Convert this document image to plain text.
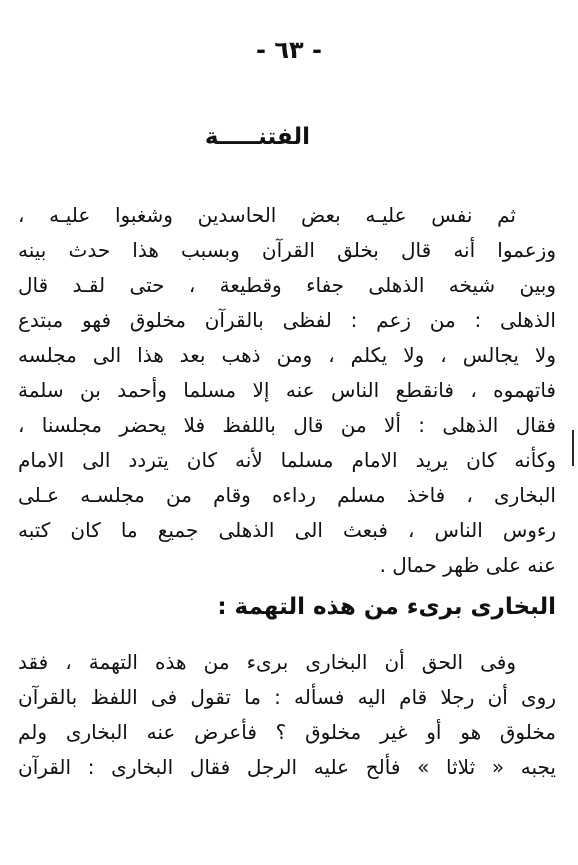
- ٦٣ -
الفتنـــــة
ثم نفس عليـه بعض الحاسدين وشغبوا عليـه ،
وزعموا أنه قال بخلق القرآن وبسبب هذا حدث بينه
وبين شيخه الذهلى جفاء وقطيعة ، حتى لقـد قال
الذهلى : من زعم : لفظى بالقرآن مخلوق فهو مبتدع
ولا يجالس ، ولا يكلم ، ومن ذهب بعد هذا الى مجلسه
فاتهموه ، فانقطع الناس عنه إلا مسلما وأحمد بن سلمة
فقال الذهلى : ألا من قال باللفظ فلا يحضر مجلسنا ،
وكأنه كان يريد الامام مسلما لأنه كان يتردد الى الامام
البخارى ، فاخذ مسلم رداءه وقام من مجلسـه عـلى
رءوس الناس ، فبعث الى الذهلى جميع ما كان كتبه
عنه على ظهر حمال .
البخارى برىء من هذه التهمة :
وفى الحق أن البخارى برىء من هذه التهمة ، فقد
روى أن رجلا قام اليه فسأله : ما تقول فى اللفظ بالقرآن
مخلوق هو أو غير مخلوق ؟ فأعرض عنه البخارى ولم
يجبه « ثلاثا » فألح عليه الرجل فقال البخارى : القرآن
